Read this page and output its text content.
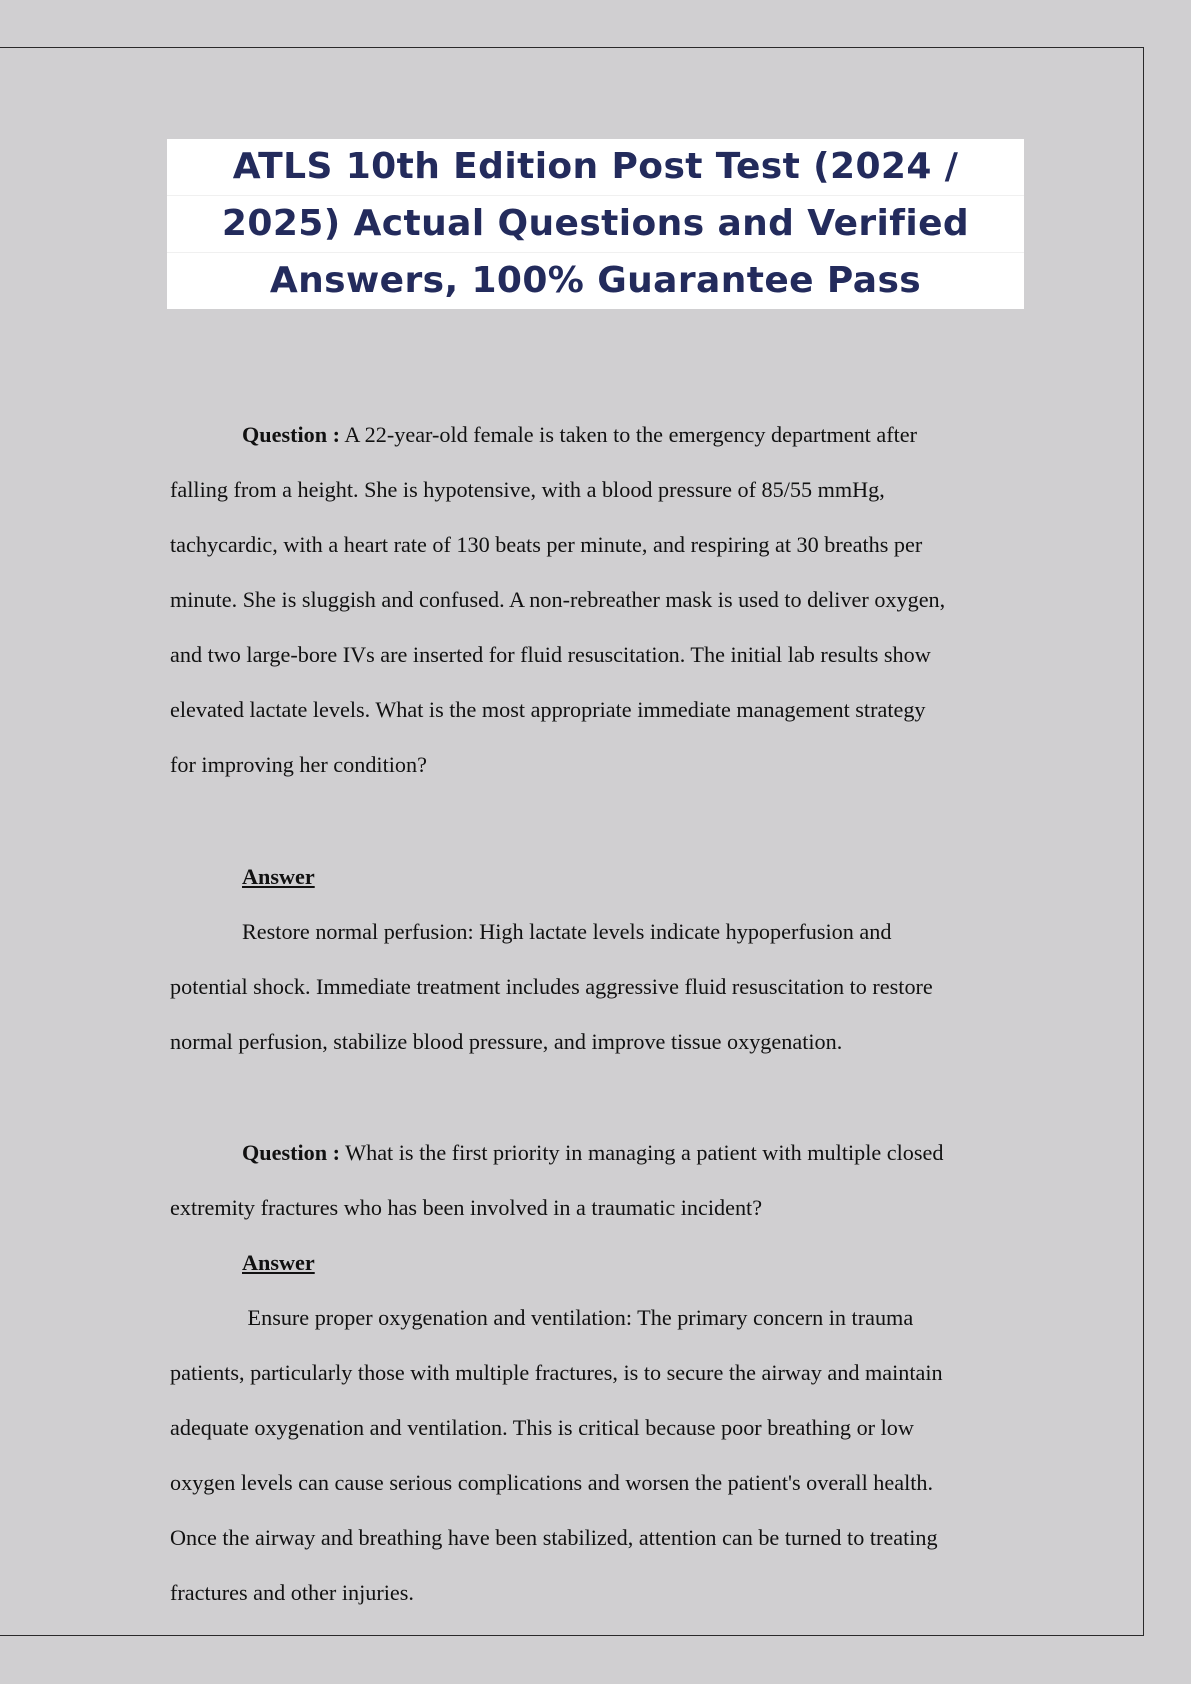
ATLS 10th Edition Post Test (2024 /
2025) Actual Questions and Verified
Answers, 100% Guarantee Pass
Question : A 22-year-old female is taken to the emergency department after
falling from a height. She is hypotensive, with a blood pressure of 85/55 mmHg,
tachycardic, with a heart rate of 130 beats per minute, and respiring at 30 breaths per
minute. She is sluggish and confused. A non-rebreather mask is used to deliver oxygen,
and two large-bore IVs are inserted for fluid resuscitation. The initial lab results show
elevated lactate levels. What is the most appropriate immediate management strategy
for improving her condition?
Answer
Restore normal perfusion: High lactate levels indicate hypoperfusion and
potential shock. Immediate treatment includes aggressive fluid resuscitation to restore
normal perfusion, stabilize blood pressure, and improve tissue oxygenation.
Question : What is the first priority in managing a patient with multiple closed
extremity fractures who has been involved in a traumatic incident?
Answer
Ensure proper oxygenation and ventilation: The primary concern in trauma
patients, particularly those with multiple fractures, is to secure the airway and maintain
adequate oxygenation and ventilation. This is critical because poor breathing or low
oxygen levels can cause serious complications and worsen the patient's overall health.
Once the airway and breathing have been stabilized, attention can be turned to treating
fractures and other injuries.
